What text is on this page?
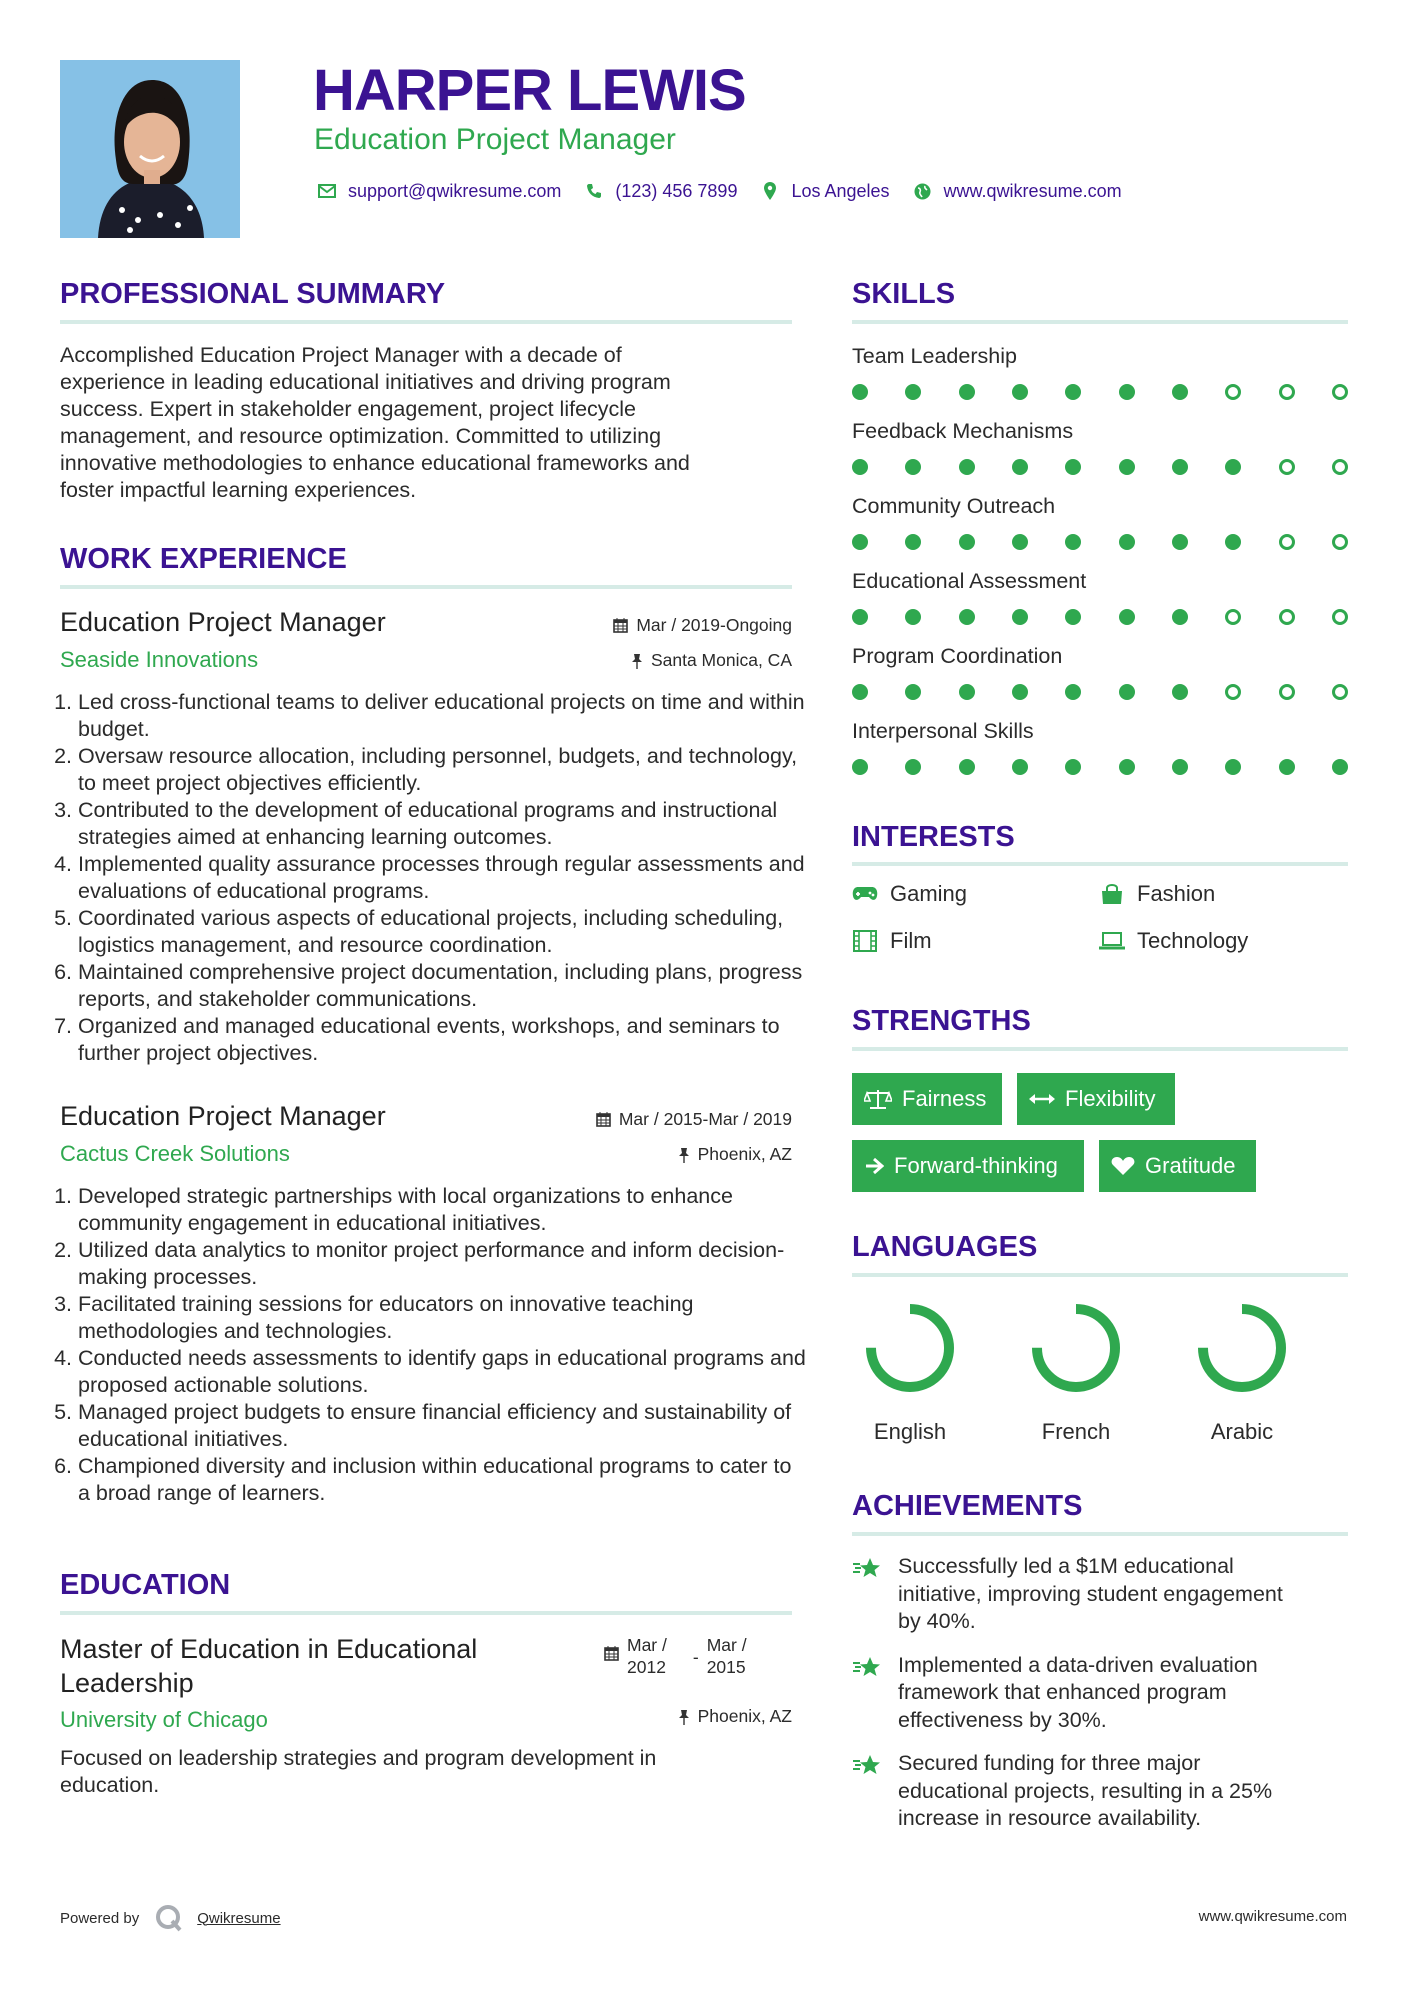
HARPER LEWIS
Education Project Manager
support@qwikresume.com	(123) 456 7899	Los Angeles	www.qwikresume.com
PROFESSIONAL SUMMARY
Accomplished Education Project Manager with a decade of
experience in leading educational initiatives and driving program
success. Expert in stakeholder engagement, project lifecycle
management, and resource optimization. Committed to utilizing
innovative methodologies to enhance educational frameworks and
foster impactful learning experiences.
WORK EXPERIENCE
Education Project Manager	Mar / 2019-Ongoing
Seaside Innovations	Santa Monica, CA
1. Led cross-functional teams to deliver educational projects on time and within budget.
2. Oversaw resource allocation, including personnel, budgets, and technology, to meet project objectives efficiently.
3. Contributed to the development of educational programs and instructional strategies aimed at enhancing learning outcomes.
4. Implemented quality assurance processes through regular assessments and evaluations of educational programs.
5. Coordinated various aspects of educational projects, including scheduling, logistics management, and resource coordination.
6. Maintained comprehensive project documentation, including plans, progress reports, and stakeholder communications.
7. Organized and managed educational events, workshops, and seminars to further project objectives.
Education Project Manager	Mar / 2015-Mar / 2019
Cactus Creek Solutions	Phoenix, AZ
1. Developed strategic partnerships with local organizations to enhance community engagement in educational initiatives.
2. Utilized data analytics to monitor project performance and inform decision-making processes.
3. Facilitated training sessions for educators on innovative teaching methodologies and technologies.
4. Conducted needs assessments to identify gaps in educational programs and proposed actionable solutions.
5. Managed project budgets to ensure financial efficiency and sustainability of educational initiatives.
6. Championed diversity and inclusion within educational programs to cater to a broad range of learners.
EDUCATION
Master of Education in Educational
Leadership
Mar /
2012	-
Mar /
2015
University of Chicago	Phoenix, AZ
Focused on leadership strategies and program development in
education.
SKILLS
Team Leadership
Feedback Mechanisms
Community Outreach
Educational Assessment
Program Coordination
Interpersonal Skills
INTERESTS
Gaming	Fashion
Film	Technology
STRENGTHS
Fairness	Flexibility
Forward-thinking	Gratitude
LANGUAGES
English	French	Arabic
ACHIEVEMENTS
Successfully led a $1M educational
initiative, improving student engagement
by 40%.
Implemented a data-driven evaluation
framework that enhanced program
effectiveness by 30%.
Secured funding for three major
educational projects, resulting in a 25%
increase in resource availability.
Powered by	Qwikresume	www.qwikresume.com
